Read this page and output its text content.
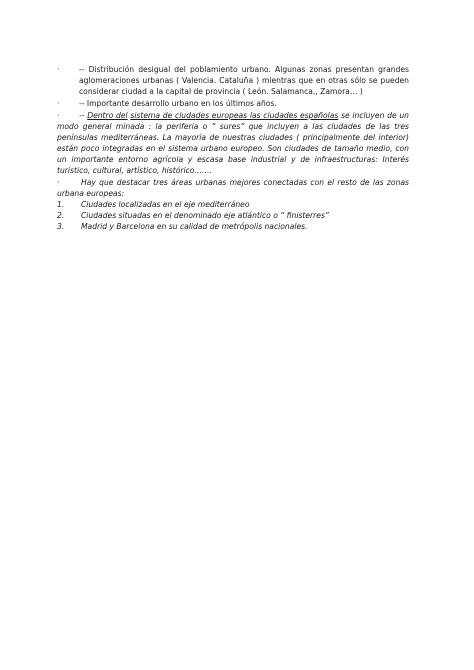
·	-- Distribución desigual del poblamiento urbano. Algunas zonas presentan grandes aglomeraciones urbanas ( Valencia. Cataluña ) mientras que en otras sólo se pueden considerar ciudad a la capital de provincia ( León. Salamanca., Zamora… )
·	-- Importante desarrollo urbano en los últimos años.
·	-- Dentro del sistema de ciudades europeas las ciudades españolas se incluyen de un modo general minada : la periferia o “ sures” que incluyen a las ciudades de las tres penínsulas mediterráneas. La mayoría de nuestras ciudades ( principalmente del interior) están poco integradas en el sistema urbano europeo. Son ciudades de tamaño medio, con un importante entorno agrícola y escasa base industrial y de infraestructuras: Interés turístico, cultural, artístico, histórico…….
·	Hay que destacar tres áreas urbanas mejores conectadas con el resto de las zonas urbana europeas:
1.	Ciudades localizadas en el eje mediterráneo
2.	Ciudades situadas en el denominado eje atlántico o “ finisterres”
3.	Madrid y Barcelona en su calidad de metrópolis nacionales.
